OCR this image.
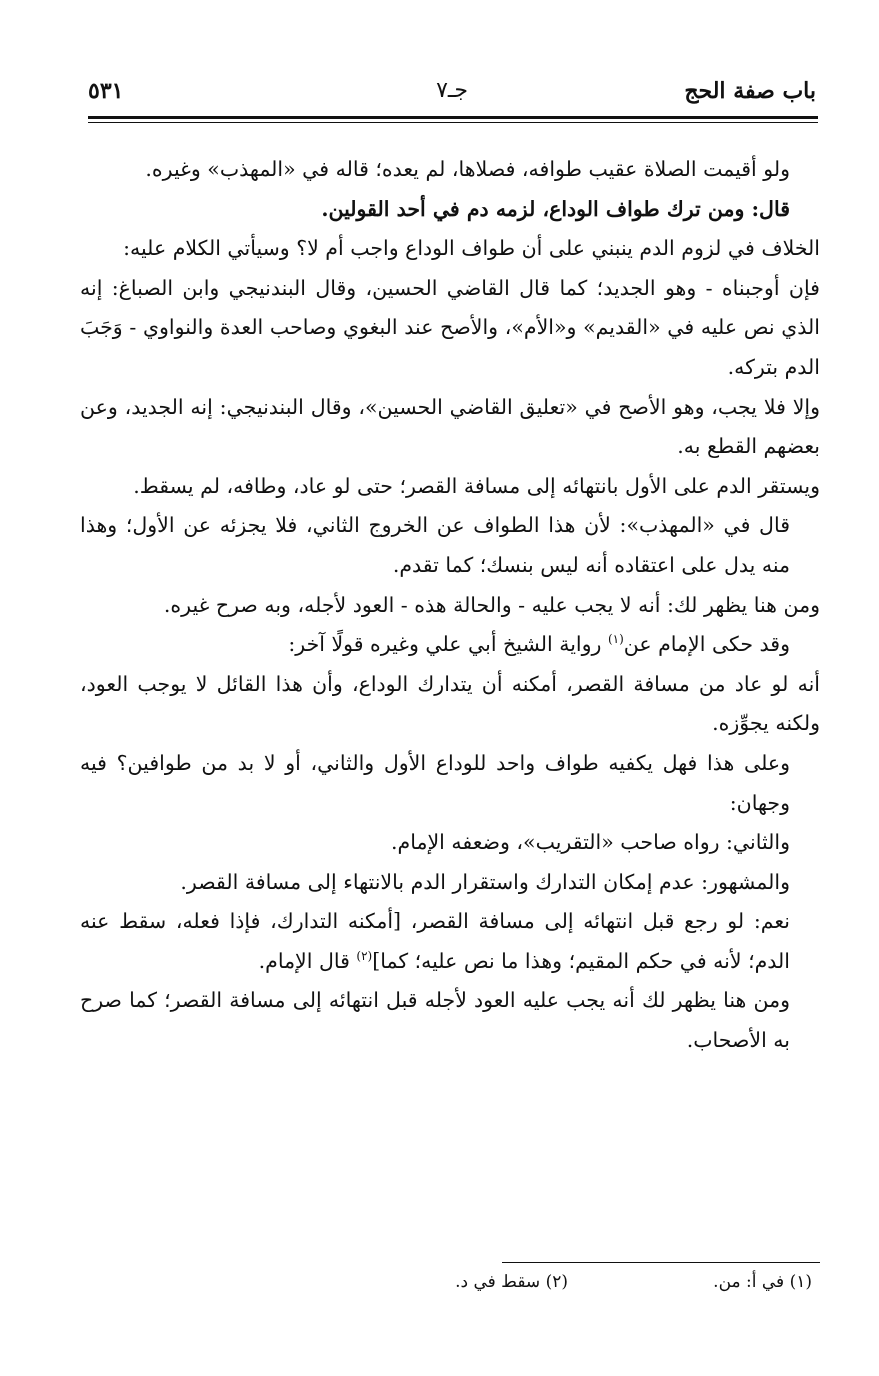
باب صفة الحج
جـ٧
٥٣١

ولو أقيمت الصلاة عقيب طوافه، فصلاها، لم يعده؛ قاله في «المهذب» وغيره.

قال: ومن ترك طواف الوداع، لزمه دم في أحد القولين.

الخلاف في لزوم الدم ينبني على أن طواف الوداع واجب أم لا؟ وسيأتي الكلام عليه:

فإن أوجبناه - وهو الجديد؛ كما قال القاضي الحسين، وقال البندنيجي وابن الصباغ: إنه الذي نص عليه في «القديم» و«الأم»، والأصح عند البغوي وصاحب العدة والنواوي - وَجَبَ الدم بتركه.

وإلا فلا يجب، وهو الأصح في «تعليق القاضي الحسين»، وقال البندنيجي: إنه الجديد، وعن بعضهم القطع به.

ويستقر الدم على الأول بانتهائه إلى مسافة القصر؛ حتى لو عاد، وطافه، لم يسقط.

قال في «المهذب»: لأن هذا الطواف عن الخروج الثاني، فلا يجزئه عن الأول؛ وهذا منه يدل على اعتقاده أنه ليس بنسك؛ كما تقدم.

ومن هنا يظهر لك: أنه لا يجب عليه - والحالة هذه - العود لأجله، وبه صرح غيره.

وقد حكى الإمام عن$^{(١)}$ رواية الشيخ أبي علي وغيره قولًا آخر:

أنه لو عاد من مسافة القصر، أمكنه أن يتدارك الوداع، وأن هذا القائل لا يوجب العود، ولكنه يجوِّزه.

وعلى هذا فهل يكفيه طواف واحد للوداع الأول والثاني، أو لا بد من طوافين؟ فيه وجهان:

والثاني: رواه صاحب «التقريب»، وضعفه الإمام.

والمشهور: عدم إمكان التدارك واستقرار الدم بالانتهاء إلى مسافة القصر.

نعم: لو رجع قبل انتهائه إلى مسافة القصر، [أمكنه التدارك، فإذا فعله، سقط عنه الدم؛ لأنه في حكم المقيم؛ وهذا ما نص عليه؛ كما]$^{(٢)}$ قال الإمام.

ومن هنا يظهر لك أنه يجب عليه العود لأجله قبل انتهائه إلى مسافة القصر؛ كما صرح به الأصحاب.

(١) في أ: من.
(٢) سقط في د.
